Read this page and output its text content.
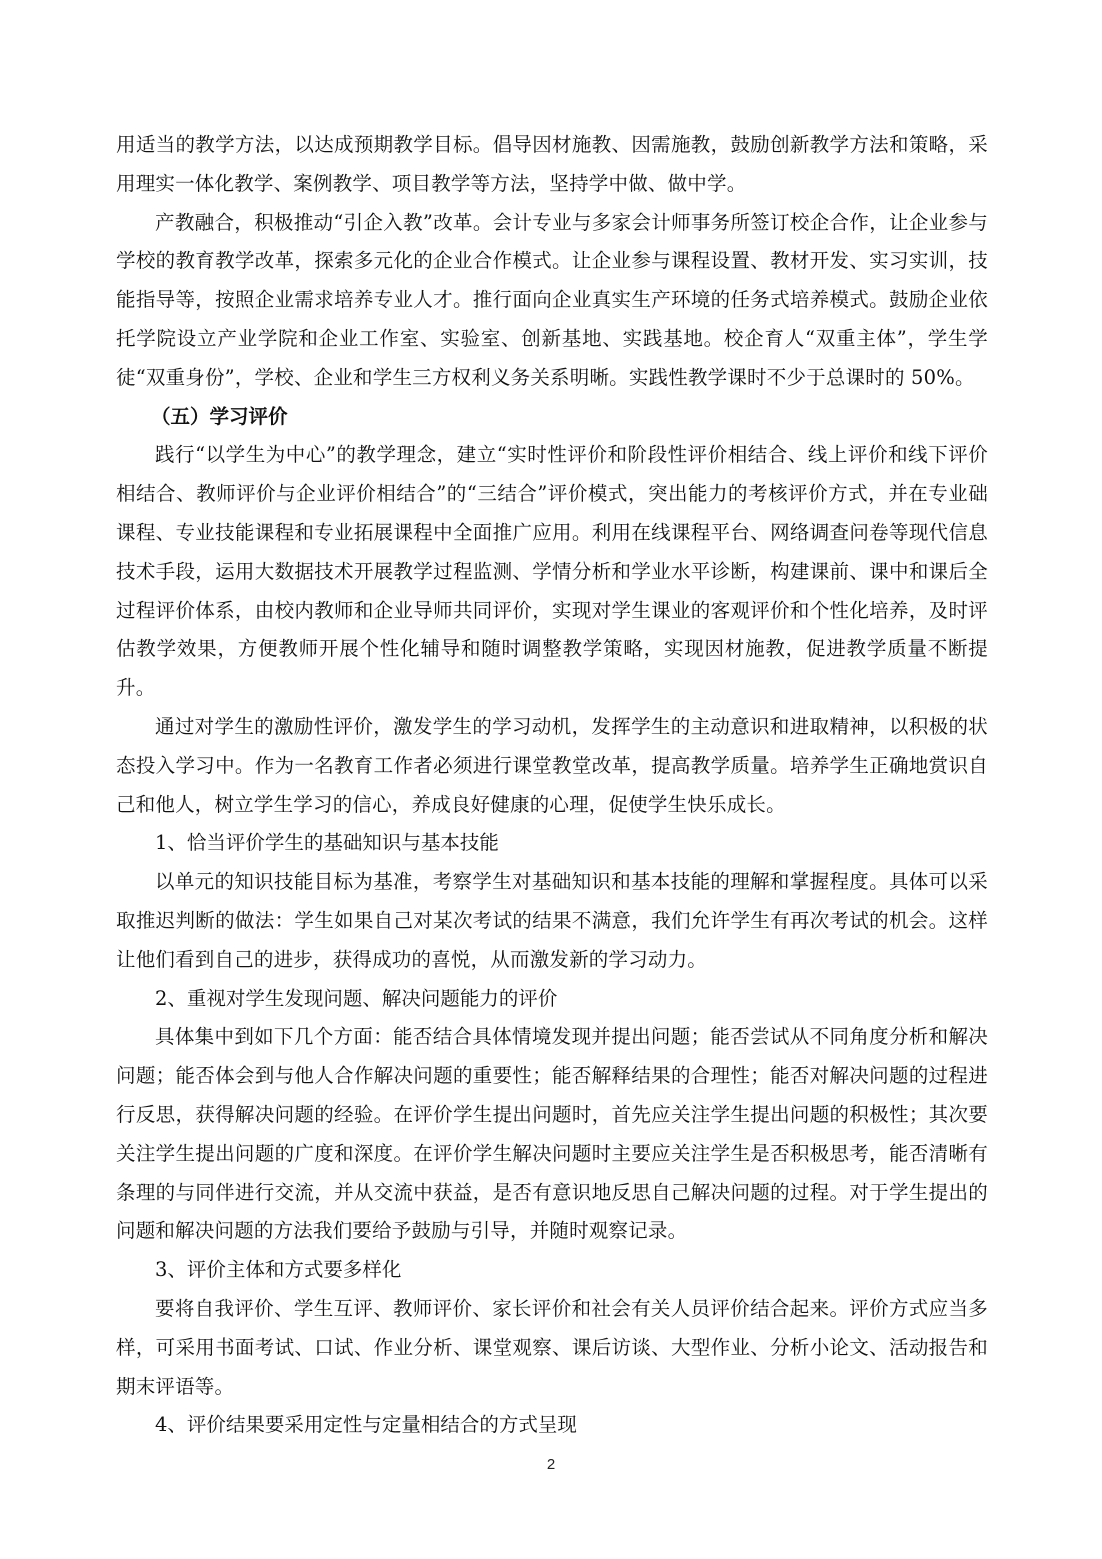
用适当的教学方法，以达成预期教学目标。倡导因材施教、因需施教，鼓励创新教学方法和策略，采用理实一体化教学、案例教学、项目教学等方法，坚持学中做、做中学。

产教融合，积极推动“引企入教”改革。会计专业与多家会计师事务所签订校企合作，让企业参与学校的教育教学改革，探索多元化的企业合作模式。让企业参与课程设置、教材开发、实习实训，技能指导等，按照企业需求培养专业人才。推行面向企业真实生产环境的任务式培养模式。鼓励企业依托学院设立产业学院和企业工作室、实验室、创新基地、实践基地。校企育人“双重主体”，学生学徒“双重身份”，学校、企业和学生三方权利义务关系明晰。实践性教学课时不少于总课时的 50%。

（五）学习评价

践行“以学生为中心”的教学理念，建立“实时性评价和阶段性评价相结合、线上评价和线下评价相结合、教师评价与企业评价相结合”的“三结合”评价模式，突出能力的考核评价方式，并在专业础课程、专业技能课程和专业拓展课程中全面推广应用。利用在线课程平台、网络调查问卷等现代信息技术手段，运用大数据技术开展教学过程监测、学情分析和学业水平诊断，构建课前、课中和课后全过程评价体系，由校内教师和企业导师共同评价，实现对学生课业的客观评价和个性化培养，及时评估教学效果，方便教师开展个性化辅导和随时调整教学策略，实现因材施教，促进教学质量不断提升。

通过对学生的激励性评价，激发学生的学习动机，发挥学生的主动意识和进取精神，以积极的状态投入学习中。作为一名教育工作者必须进行课堂教堂改革，提高教学质量。培养学生正确地赏识自己和他人，树立学生学习的信心，养成良好健康的心理，促使学生快乐成长。

1、恰当评价学生的基础知识与基本技能

以单元的知识技能目标为基准，考察学生对基础知识和基本技能的理解和掌握程度。具体可以采取推迟判断的做法：学生如果自己对某次考试的结果不满意，我们允许学生有再次考试的机会。这样让他们看到自己的进步，获得成功的喜悦，从而激发新的学习动力。

2、重视对学生发现问题、解决问题能力的评价

具体集中到如下几个方面：能否结合具体情境发现并提出问题；能否尝试从不同角度分析和解决问题；能否体会到与他人合作解决问题的重要性；能否解释结果的合理性；能否对解决问题的过程进行反思，获得解决问题的经验。在评价学生提出问题时，首先应关注学生提出问题的积极性；其次要关注学生提出问题的广度和深度。在评价学生解决问题时主要应关注学生是否积极思考，能否清晰有条理的与同伴进行交流，并从交流中获益，是否有意识地反思自己解决问题的过程。对于学生提出的问题和解决问题的方法我们要给予鼓励与引导，并随时观察记录。

3、评价主体和方式要多样化

要将自我评价、学生互评、教师评价、家长评价和社会有关人员评价结合起来。评价方式应当多样，可采用书面考试、口试、作业分析、课堂观察、课后访谈、大型作业、分析小论文、活动报告和期末评语等。

4、评价结果要采用定性与定量相结合的方式呈现

2
